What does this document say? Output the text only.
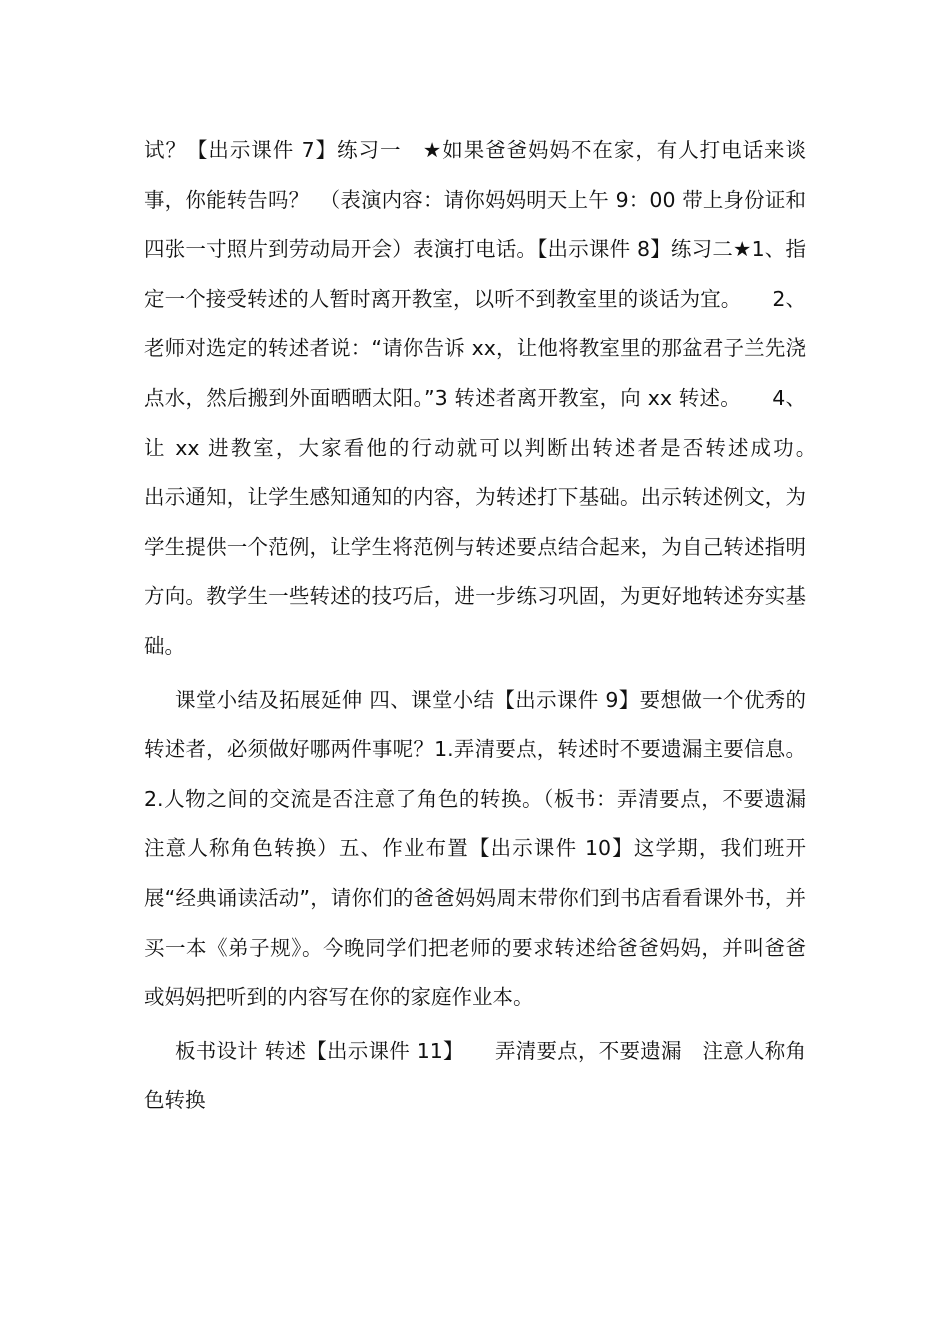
试？【出示课件 7】练习一　★如果爸爸妈妈不在家，有人打电话来谈事，你能转告吗？　（表演内容：请你妈妈明天上午 9：00 带上身份证和四张一寸照片到劳动局开会）表演打电话。【出示课件 8】练习二★1、指定一个接受转述的人暂时离开教室，以听不到教室里的谈话为宜。　　2、老师对选定的转述者说：“请你告诉 xx，让他将教室里的那盆君子兰先浇点水，然后搬到外面晒晒太阳。”3 转述者离开教室，向 xx 转述。　　4、让 xx 进教室，大家看他的行动就可以判断出转述者是否转述成功。　　 出示通知，让学生感知通知的内容，为转述打下基础。出示转述例文，为学生提供一个范例，让学生将范例与转述要点结合起来，为自己转述指明方向。教学生一些转述的技巧后，进一步练习巩固，为更好地转述夯实基础。

课堂小结及拓展延伸 四、课堂小结【出示课件 9】要想做一个优秀的转述者，必须做好哪两件事呢？1.弄清要点，转述时不要遗漏主要信息。2.人物之间的交流是否注意了角色的转换。（板书：弄清要点，不要遗漏　注意人称角色转换）五、作业布置【出示课件 10】这学期，我们班开展“经典诵读活动”，请你们的爸爸妈妈周末带你们到书店看看课外书，并买一本《弟子规》。今晚同学们把老师的要求转述给爸爸妈妈，并叫爸爸或妈妈把听到的内容写在你的家庭作业本。

板书设计 转述【出示课件 11】　　弄清要点，不要遗漏　注意人称角色转换
